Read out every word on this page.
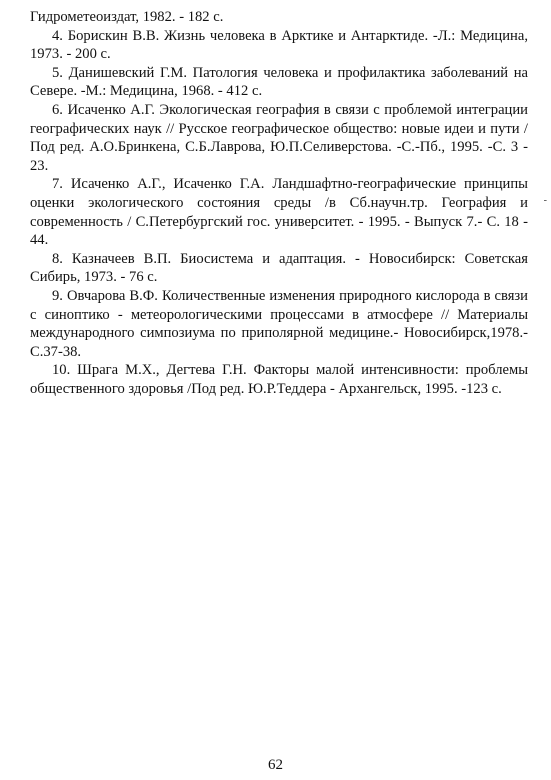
Гидрометеоиздат, 1982. - 182 с.

4. Борискин В.В. Жизнь человека в Арктике и Антарктиде. -Л.: Медицина, 1973. - 200 с.

5. Данишевский Г.М. Патология человека и профилактика заболеваний на Севере. -М.: Медицина, 1968. - 412 с.

6. Исаченко А.Г. Экологическая география в связи с проблемой интеграции географических наук // Русское географическое общество: новые идеи и пути / Под ред. А.О.Бринкена, С.Б.Лаврова, Ю.П.Селиверстова. -С.-Пб., 1995. -С. 3 - 23.

7. Исаченко А.Г., Исаченко Г.А. Ландшафтно-географические принципы оценки экологического состояния среды /в Сб.научн.тр. География и современность / С.Петербургский гос. университет. - 1995. - Выпуск 7.- С. 18 - 44.

8. Казначеев В.П. Биосистема и адаптация. - Новосибирск: Советская Сибирь, 1973. - 76 с.

9. Овчарова В.Ф. Количественные изменения природного кислорода в связи с синоптико - метеорологическими процессами в атмосфере // Материалы международного симпозиума по приполярной медицине.- Новосибирск,1978.-С.37-38.

10. Шрага М.Х., Дегтева Г.Н. Факторы малой интенсивности: проблемы общественного здоровья /Под ред. Ю.Р.Теддера - Архангельск, 1995. -123 с.

-
62
